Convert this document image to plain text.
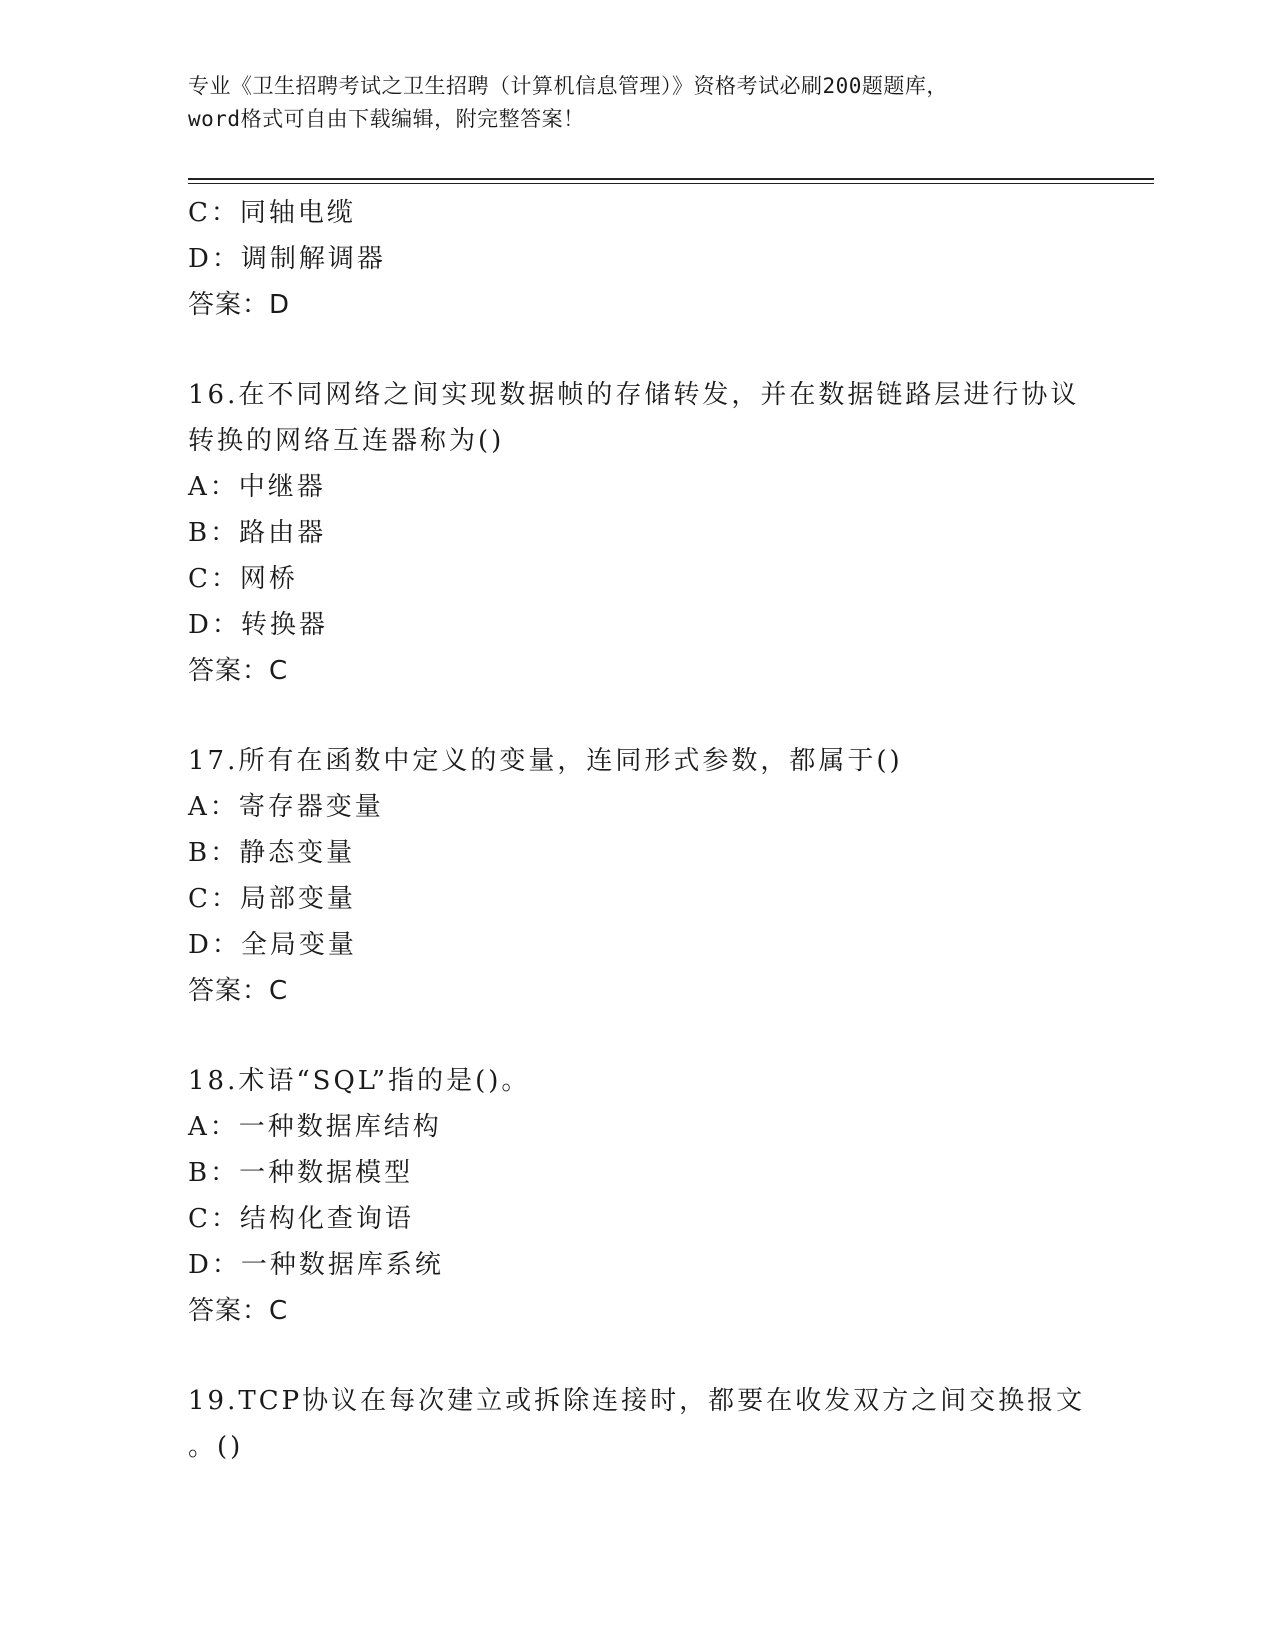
专业《卫生招聘考试之卫生招聘（计算机信息管理）》资格考试必刷200题题库，
word格式可自由下载编辑，附完整答案！
C：同轴电缆
D：调制解调器
答案：D
16.在不同网络之间实现数据帧的存储转发，并在数据链路层进行协议
转换的网络互连器称为()
A：中继器
B：路由器
C：网桥
D：转换器
答案：C
17.所有在函数中定义的变量，连同形式参数，都属于()
A：寄存器变量
B：静态变量
C：局部变量
D：全局变量
答案：C
18.术语“SQL”指的是()。
A：一种数据库结构
B：一种数据模型
C：结构化查询语
D：一种数据库系统
答案：C
19.TCP协议在每次建立或拆除连接时，都要在收发双方之间交换报文
。()
